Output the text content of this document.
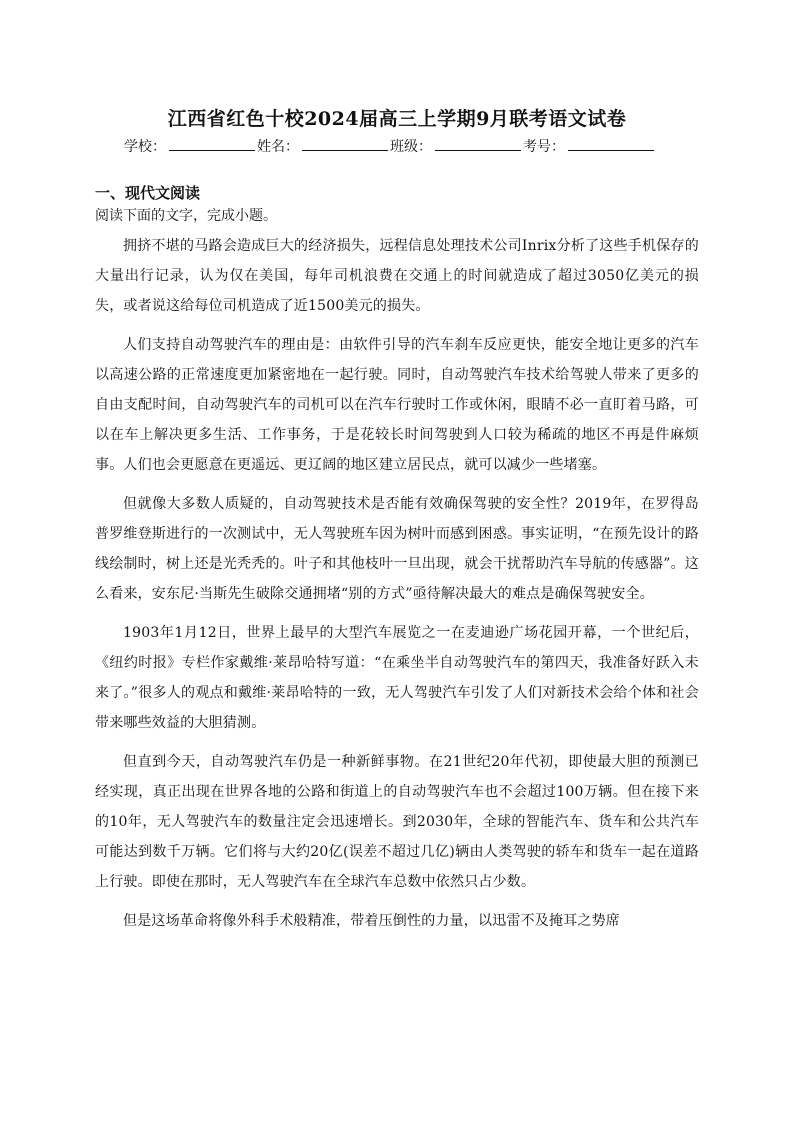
江西省红色十校2024届高三上学期9月联考语文试卷
学校：	姓名：	班级：	考号：
一、现代文阅读
阅读下面的文字，完成小题。

拥挤不堪的马路会造成巨大的经济损失，远程信息处理技术公司Inrix分析了这些手机保存的大量出行记录，认为仅在美国，每年司机浪费在交通上的时间就造成了超过3050亿美元的损失，或者说这给每位司机造成了近1500美元的损失。

人们支持自动驾驶汽车的理由是：由软件引导的汽车刹车反应更快，能安全地让更多的汽车以高速公路的正常速度更加紧密地在一起行驶。同时，自动驾驶汽车技术给驾驶人带来了更多的自由支配时间，自动驾驶汽车的司机可以在汽车行驶时工作或休闲，眼睛不必一直盯着马路，可以在车上解决更多生活、工作事务，于是花较长时间驾驶到人口较为稀疏的地区不再是件麻烦事。人们也会更愿意在更遥远、更辽阔的地区建立居民点，就可以减少一些堵塞。

但就像大多数人质疑的，自动驾驶技术是否能有效确保驾驶的安全性？2019年，在罗得岛普罗维登斯进行的一次测试中，无人驾驶班车因为树叶而感到困惑。事实证明，“在预先设计的路线绘制时，树上还是光秃秃的。叶子和其他枝叶一旦出现，就会干扰帮助汽车导航的传感器”。这么看来，安东尼·当斯先生破除交通拥堵“别的方式”亟待解决最大的难点是确保驾驶安全。

1903年1月12日，世界上最早的大型汽车展览之一在麦迪逊广场花园开幕，一个世纪后，《纽约时报》专栏作家戴维·莱昂哈特写道：“在乘坐半自动驾驶汽车的第四天，我准备好跃入未来了。”很多人的观点和戴维·莱昂哈特的一致，无人驾驶汽车引发了人们对新技术会给个体和社会带来哪些效益的大胆猜测。

但直到今天，自动驾驶汽车仍是一种新鲜事物。在21世纪20年代初，即使最大胆的预测已经实现，真正出现在世界各地的公路和街道上的自动驾驶汽车也不会超过100万辆。但在接下来的10年，无人驾驶汽车的数量注定会迅速增长。到2030年，全球的智能汽车、货车和公共汽车可能达到数千万辆。它们将与大约20亿(误差不超过几亿)辆由人类驾驶的轿车和货车一起在道路上行驶。即使在那时，无人驾驶汽车在全球汽车总数中依然只占少数。

但是这场革命将像外科手术般精准，带着压倒性的力量，以迅雷不及掩耳之势席
